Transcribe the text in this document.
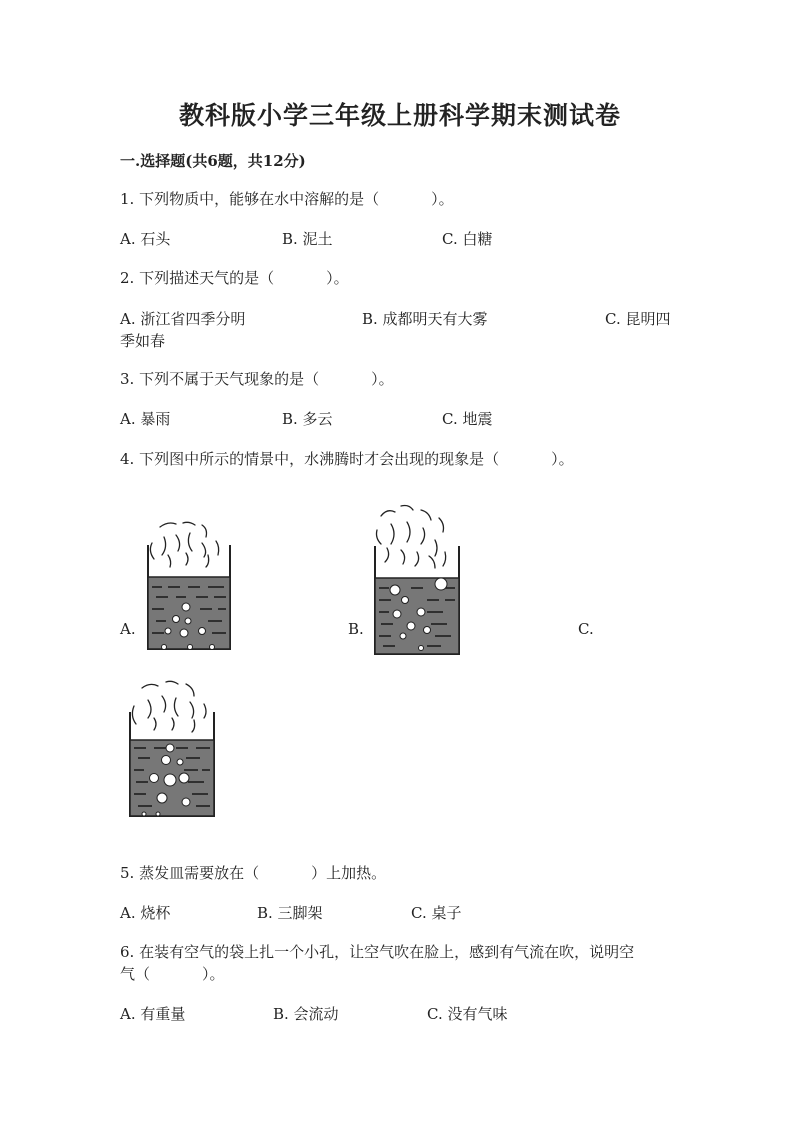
教科版小学三年级上册科学期末测试卷
一.选择题(共6题，共12分)
1. 下列物质中，能够在水中溶解的是（	）。
A. 石头	B. 泥土	C. 白糖
2. 下列描述天气的是（	）。
A. 浙江省四季分明	B. 成都明天有大雾	C. 昆明四
季如春
3. 下列不属于天气现象的是（	）。
A. 暴雨	B. 多云	C. 地震
4. 下列图中所示的情景中，水沸腾时才会出现的现象是（	）。
A.	B.	C.
5. 蒸发皿需要放在（	）上加热。
A. 烧杯	B. 三脚架	C. 桌子
6. 在装有空气的袋上扎一个小孔，让空气吹在脸上，感到有气流在吹，说明空
气（	）。
A. 有重量	B. 会流动	C. 没有气味
